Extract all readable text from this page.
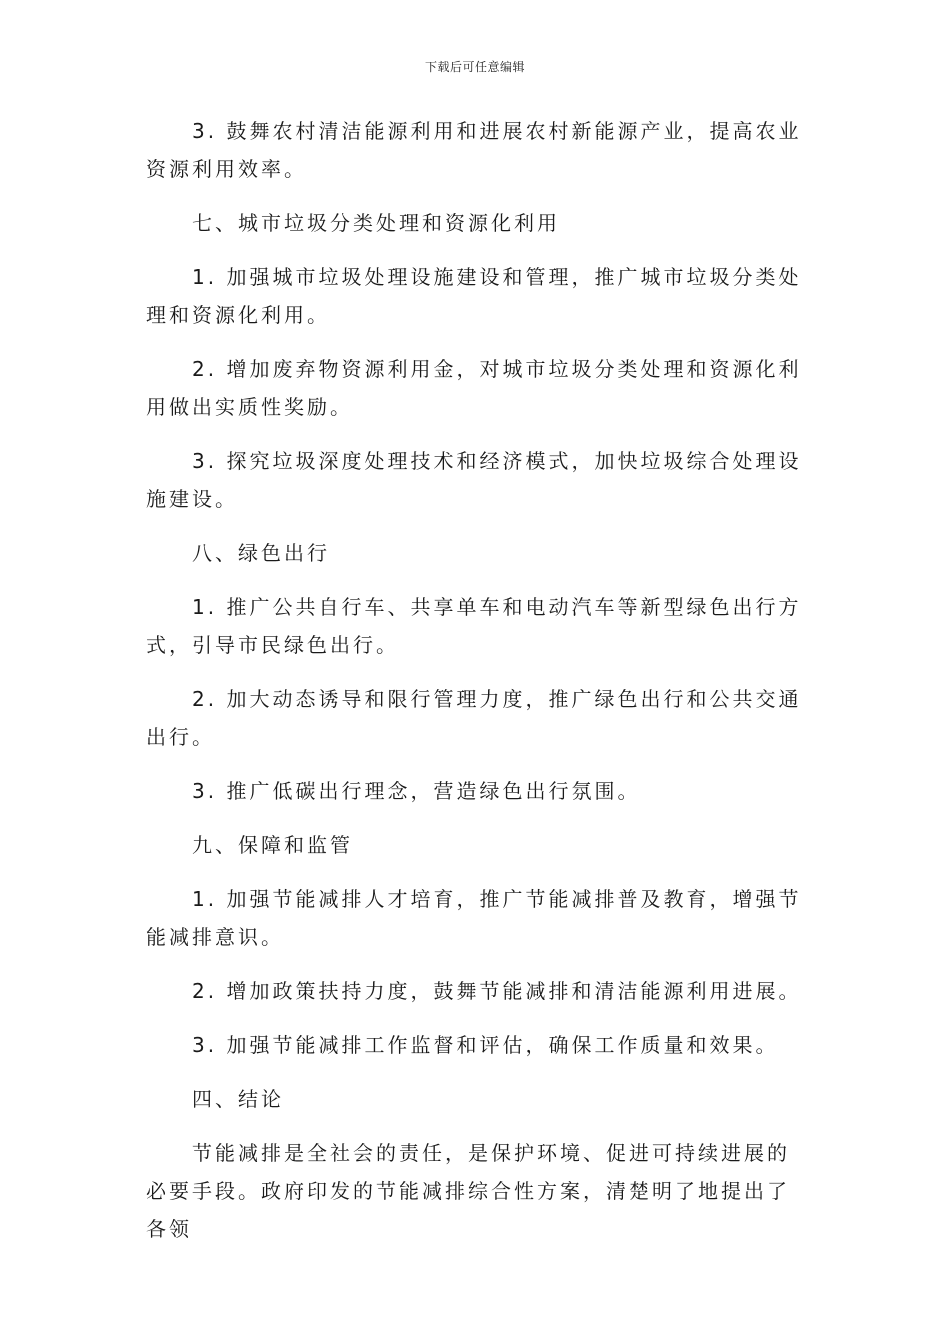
下载后可任意编辑

3. 鼓舞农村清洁能源利用和进展农村新能源产业，提高农业资源利用效率。

七、城市垃圾分类处理和资源化利用

1. 加强城市垃圾处理设施建设和管理，推广城市垃圾分类处理和资源化利用。

2. 增加废弃物资源利用金，对城市垃圾分类处理和资源化利用做出实质性奖励。

3. 探究垃圾深度处理技术和经济模式，加快垃圾综合处理设施建设。

八、绿色出行

1. 推广公共自行车、共享单车和电动汽车等新型绿色出行方式，引导市民绿色出行。

2. 加大动态诱导和限行管理力度，推广绿色出行和公共交通出行。

3. 推广低碳出行理念，营造绿色出行氛围。

九、保障和监管

1. 加强节能减排人才培育，推广节能减排普及教育，增强节能减排意识。

2. 增加政策扶持力度，鼓舞节能减排和清洁能源利用进展。

3. 加强节能减排工作监督和评估，确保工作质量和效果。

四、结论

节能减排是全社会的责任，是保护环境、促进可持续进展的必要手段。政府印发的节能减排综合性方案，清楚明了地提出了各领
